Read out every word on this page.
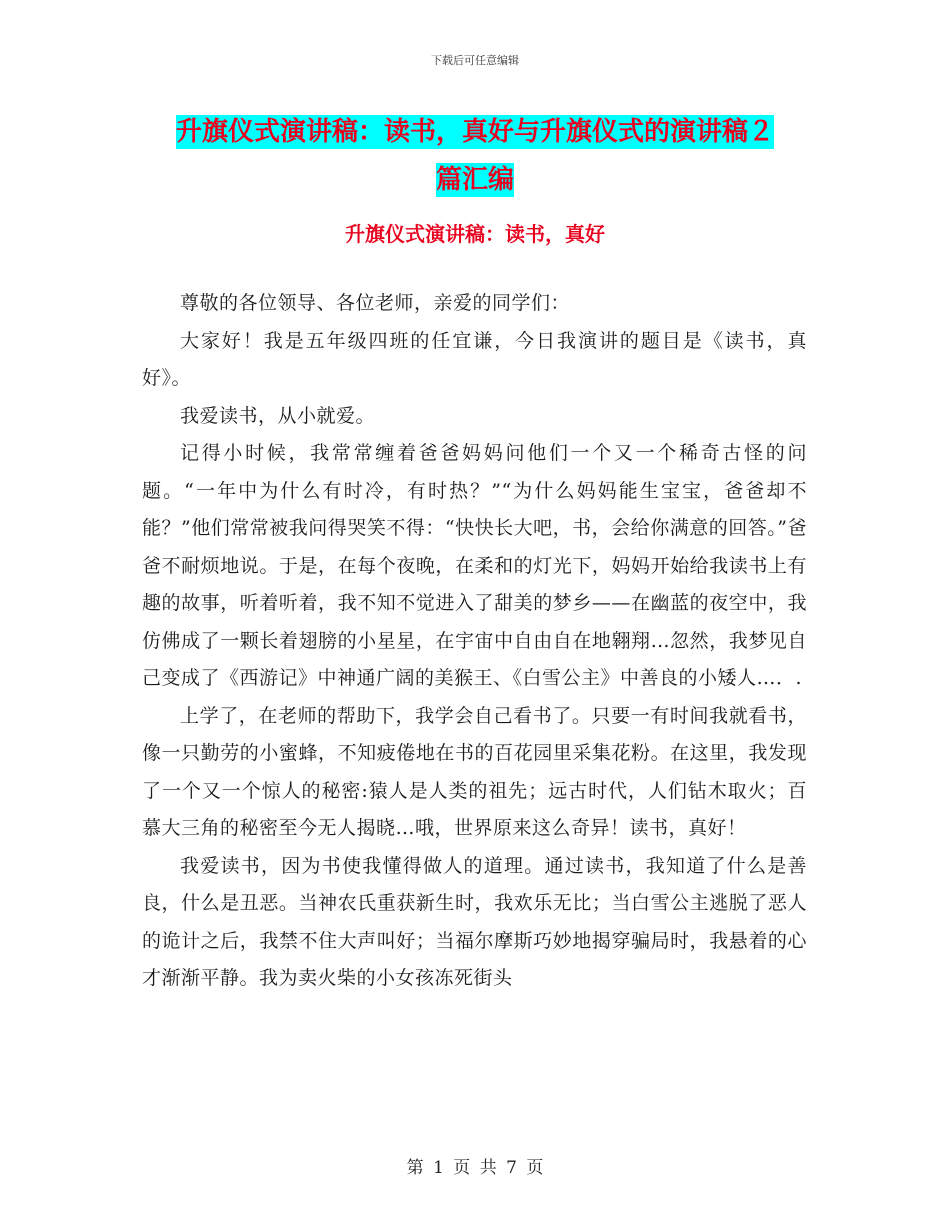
下载后可任意编辑
升旗仪式演讲稿：读书，真好与升旗仪式的演讲稿２
篇汇编
升旗仪式演讲稿：读书，真好

尊敬的各位领导、各位老师，亲爱的同学们：

大家好！我是五年级四班的任宜谦，今日我演讲的题目是《读书，真好》。

我爱读书，从小就爱。

记得小时候，我常常缠着爸爸妈妈问他们一个又一个稀奇古怪的问题。“一年中为什么有时冷，有时热？”“为什么妈妈能生宝宝，爸爸却不能？”他们常常被我问得哭笑不得：“快快长大吧，书，会给你满意的回答。”爸爸不耐烦地说。于是，在每个夜晚，在柔和的灯光下，妈妈开始给我读书上有趣的故事，听着听着，我不知不觉进入了甜美的梦乡——在幽蓝的夜空中，我仿佛成了一颗长着翅膀的小星星，在宇宙中自由自在地翱翔…忽然，我梦见自己变成了《西游记》中神通广阔的美猴王、《白雪公主》中善良的小矮人…．.

上学了，在老师的帮助下，我学会自己看书了。只要一有时间我就看书，像一只勤劳的小蜜蜂，不知疲倦地在书的百花园里采集花粉。在这里，我发现了一个又一个惊人的秘密:猿人是人类的祖先；远古时代，人们钻木取火；百慕大三角的秘密至今无人揭晓…哦，世界原来这么奇异！读书，真好！

我爱读书，因为书使我懂得做人的道理。通过读书，我知道了什么是善良，什么是丑恶。当神农氏重获新生时，我欢乐无比；当白雪公主逃脱了恶人的诡计之后，我禁不住大声叫好；当福尔摩斯巧妙地揭穿骗局时，我悬着的心才渐渐平静。我为卖火柴的小女孩冻死街头

第 1 页 共 7 页
